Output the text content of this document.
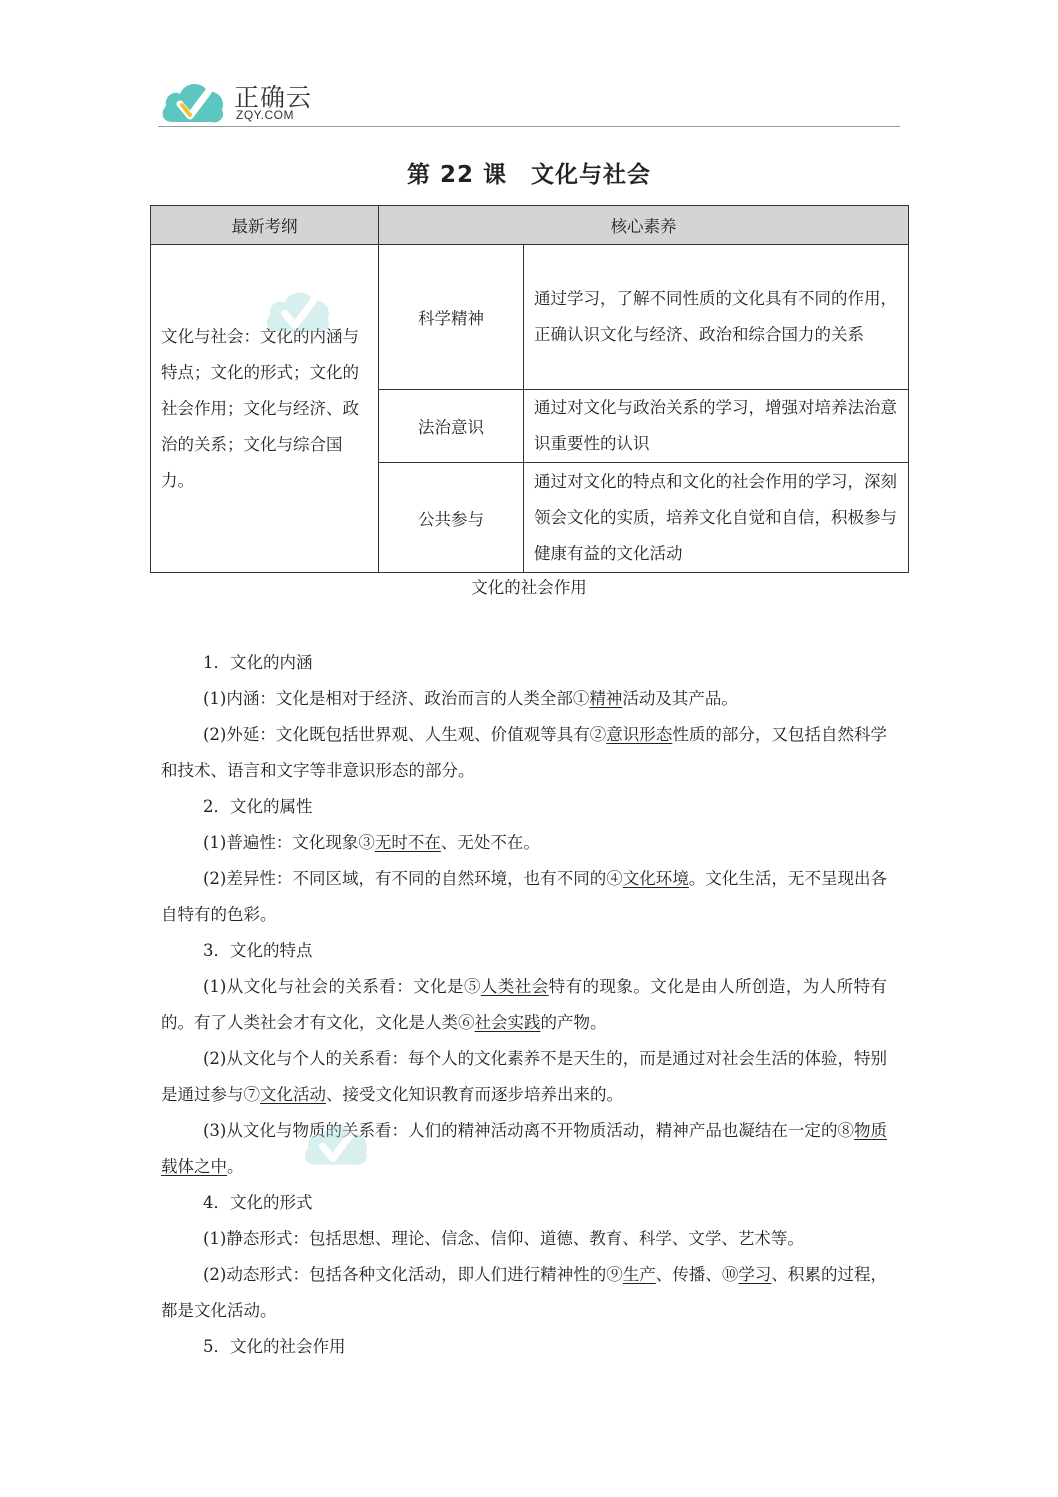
正确云
ZQY.COM
第 22 课　文化与社会
最新考纲	核心素养	
文化与社会：文化的内涵与特点；文化的形式；文化的社会作用；文化与经济、政治的关系；文化与综合国力。	科学精神	通过学习，了解不同性质的文化具有不同的作用，正确认识文化与经济、政治和综合国力的关系
	法治意识	通过对文化与政治关系的学习，增强对培养法治意识重要性的认识
	公共参与	通过对文化的特点和文化的社会作用的学习，深刻领会文化的实质，培养文化自觉和自信，积极参与健康有益的文化活动
文化的社会作用

1．文化的内涵

(1)内涵：文化是相对于经济、政治而言的人类全部①精神活动及其产品。

(2)外延：文化既包括世界观、人生观、价值观等具有②意识形态性质的部分，又包括自然科学和技术、语言和文字等非意识形态的部分。

2．文化的属性

(1)普遍性：文化现象③无时不在、无处不在。

(2)差异性：不同区域，有不同的自然环境，也有不同的④文化环境。文化生活，无不呈现出各自特有的色彩。

3．文化的特点

(1)从文化与社会的关系看：文化是⑤人类社会特有的现象。文化是由人所创造，为人所特有的。有了人类社会才有文化，文化是人类⑥社会实践的产物。

(2)从文化与个人的关系看：每个人的文化素养不是天生的，而是通过对社会生活的体验，特别是通过参与⑦文化活动、接受文化知识教育而逐步培养出来的。

(3)从文化与物质的关系看：人们的精神活动离不开物质活动，精神产品也凝结在一定的⑧物质载体之中。

4．文化的形式

(1)静态形式：包括思想、理论、信念、信仰、道德、教育、科学、文学、艺术等。

(2)动态形式：包括各种文化活动，即人们进行精神性的⑨生产、传播、⑩学习、积累的过程，都是文化活动。

5．文化的社会作用
